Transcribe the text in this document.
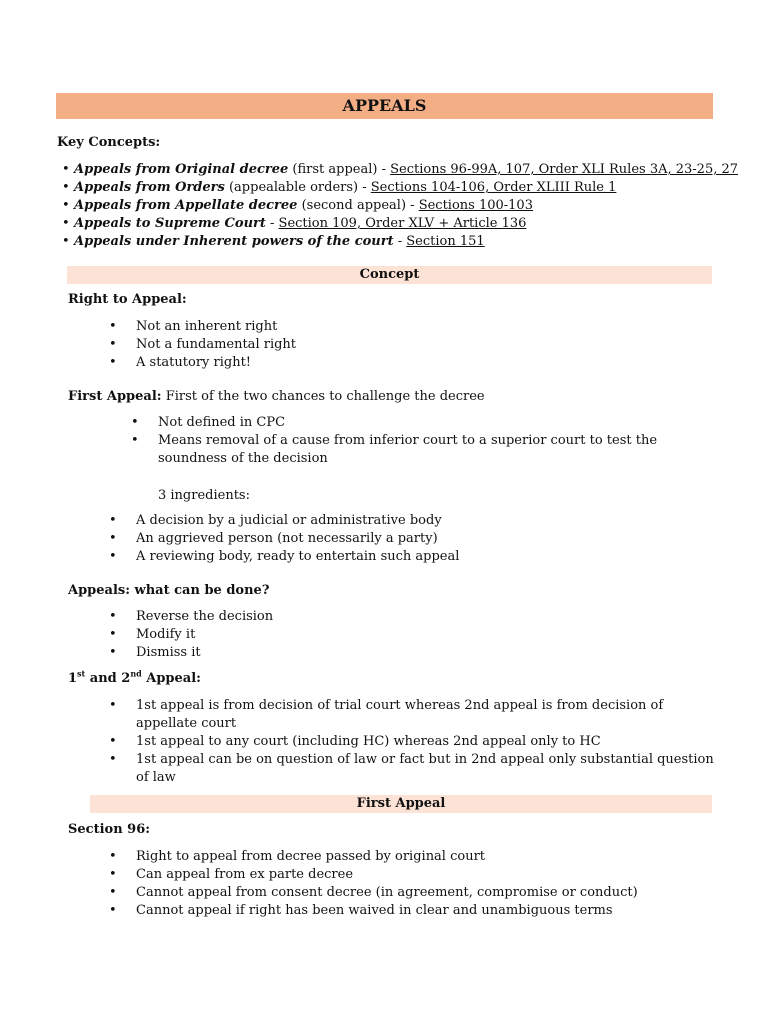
APPEALS
Key Concepts:
• Appeals from Original decree (first appeal) - Sections 96-99A, 107, Order XLI Rules 3A, 23-25, 27
• Appeals from Orders (appealable orders) - Sections 104-106, Order XLIII Rule 1
• Appeals from Appellate decree (second appeal) - Sections 100-103
• Appeals to Supreme Court - Section 109, Order XLV + Article 136
• Appeals under Inherent powers of the court - Section 151
Concept
Right to Appeal:
• Not an inherent right
• Not a fundamental right
• A statutory right!
First Appeal: First of the two chances to challenge the decree
• Not defined in CPC
• Means removal of a cause from inferior court to a superior court to test the soundness of the decision
3 ingredients:
• A decision by a judicial or administrative body
• An aggrieved person (not necessarily a party)
• A reviewing body, ready to entertain such appeal
Appeals: what can be done?
• Reverse the decision
• Modify it
• Dismiss it
1st and 2nd Appeal:
• 1st appeal is from decision of trial court whereas 2nd appeal is from decision of appellate court
• 1st appeal to any court (including HC) whereas 2nd appeal only to HC
• 1st appeal can be on question of law or fact but in 2nd appeal only substantial question of law
First Appeal
Section 96:
• Right to appeal from decree passed by original court
• Can appeal from ex parte decree
• Cannot appeal from consent decree (in agreement, compromise or conduct)
• Cannot appeal if right has been waived in clear and unambiguous terms
